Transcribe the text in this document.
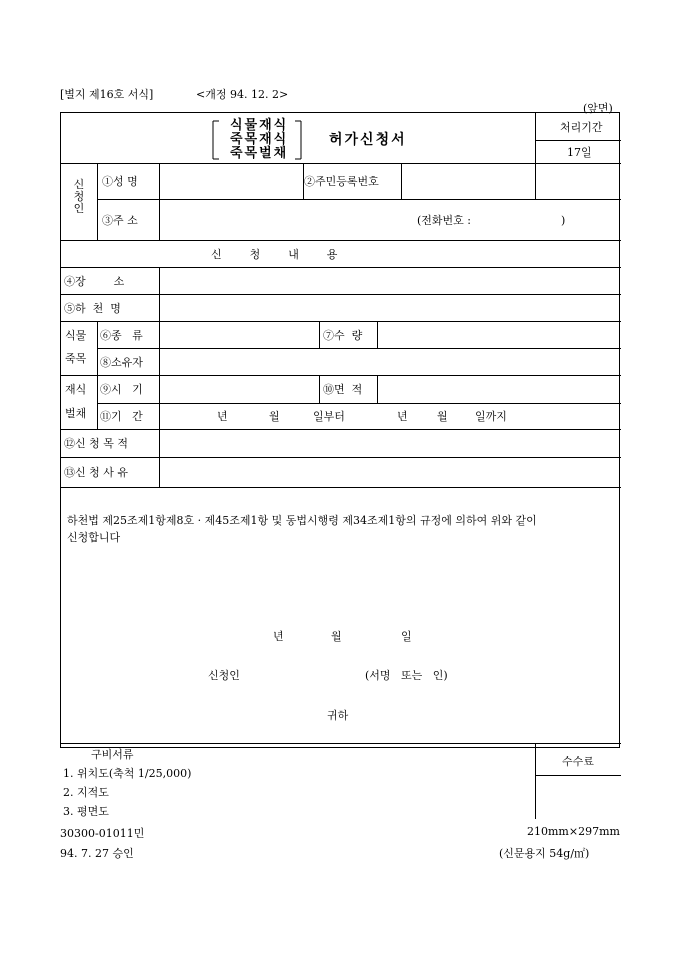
[별지 제16호 서식]	<개정 94. 12. 2>
(앞면)
식물재식
죽목재식
죽목벌채
허가신청서
처리기간
17일
신청인
①성 명	②주민등록번호
③주 소	(전화번호 :	)
신        청        내        용
④장        소
⑤하  천  명
식물
죽목
⑥종   류	⑦수  량
⑧소유자
재식
벌채
⑨시   기	⑩면  적
⑪기   간	년	월	일부터	년	월 일까지
⑫신 청 목 적
⑬신 청 사 유
하천법 제25조제1항제8호 · 제45조제1항 및 동법시행령 제34조제1항의 규정에 의하여 위와 같이
신청합니다
년	월	일
신청인	(서명   또는   인)
귀하
구비서류
1. 위치도(축척 1/25,000)
2. 지적도
3. 평면도
수수료
30300-01011민
94. 7. 27 승인
210mm×297mm
(신문용지 54g/㎡)
